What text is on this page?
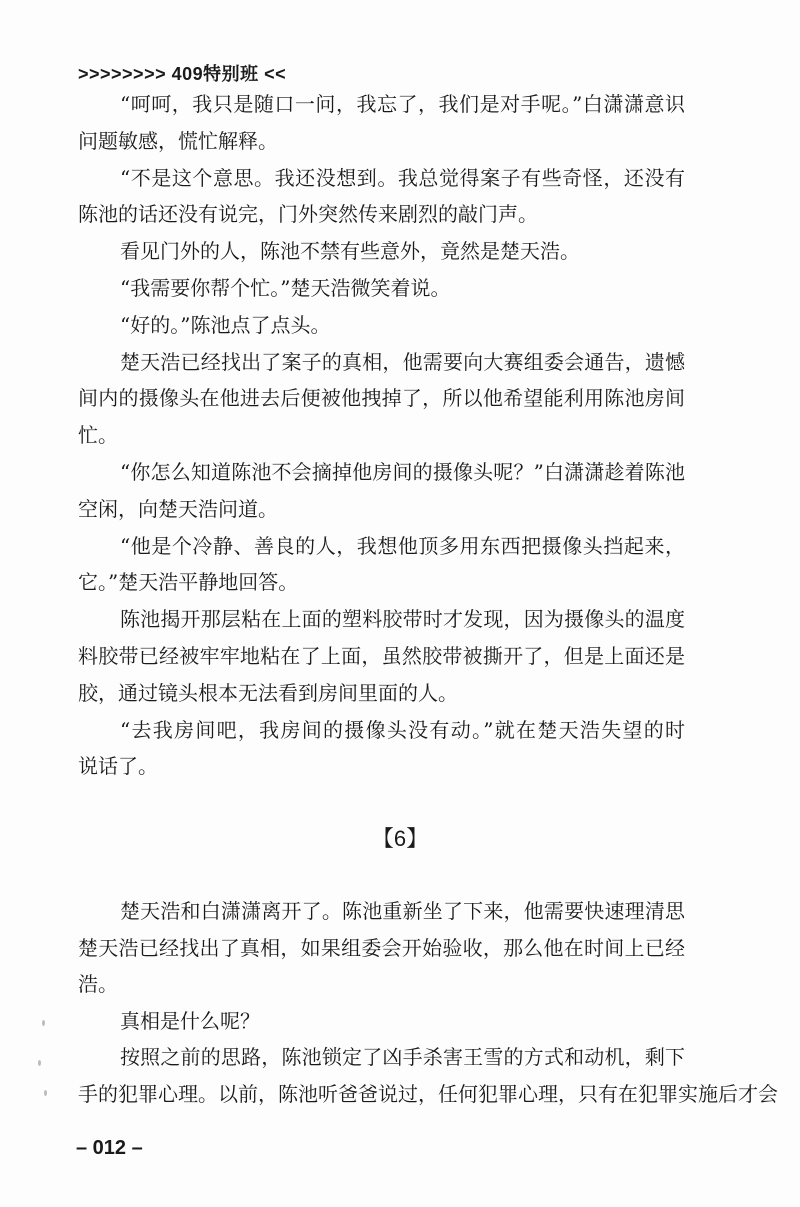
>>>>>>>> 409特别班 <<
“呵呵，我只是随口一问，我忘了，我们是对手呢。”白潇潇意识
问题敏感，慌忙解释。
“不是这个意思。我还没想到。我总觉得案子有些奇怪，还没有
陈池的话还没有说完，门外突然传来剧烈的敲门声。
看见门外的人，陈池不禁有些意外，竟然是楚天浩。
“我需要你帮个忙。”楚天浩微笑着说。
“好的。”陈池点了点头。
楚天浩已经找出了案子的真相，他需要向大赛组委会通告，遗憾
间内的摄像头在他进去后便被他拽掉了，所以他希望能利用陈池房间
忙。
“你怎么知道陈池不会摘掉他房间的摄像头呢？”白潇潇趁着陈池
空闲，向楚天浩问道。
“他是个冷静、善良的人，我想他顶多用东西把摄像头挡起来，
它。”楚天浩平静地回答。
陈池揭开那层粘在上面的塑料胶带时才发现，因为摄像头的温度
料胶带已经被牢牢地粘在了上面，虽然胶带被撕开了，但是上面还是
胶，通过镜头根本无法看到房间里面的人。
“去我房间吧，我房间的摄像头没有动。”就在楚天浩失望的时
说话了。
【6】
楚天浩和白潇潇离开了。陈池重新坐了下来，他需要快速理清思
楚天浩已经找出了真相，如果组委会开始验收，那么他在时间上已经
浩。
真相是什么呢？
按照之前的思路，陈池锁定了凶手杀害王雪的方式和动机，剩下
手的犯罪心理。以前，陈池听爸爸说过，任何犯罪心理，只有在犯罪实施后才会
– 012 –
